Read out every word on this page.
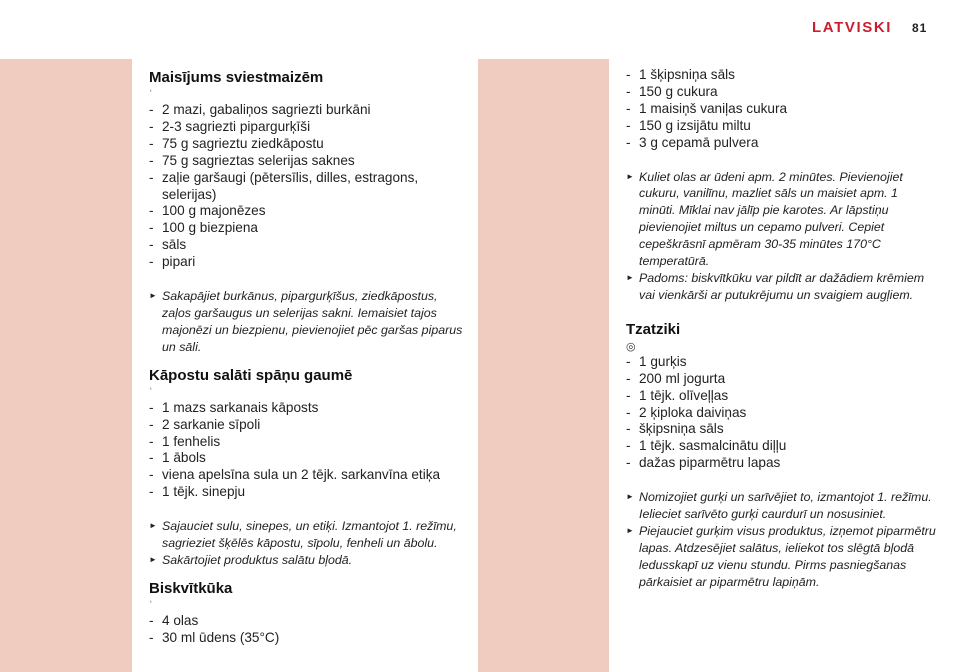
LATVISKI 81
Maisījums sviestmaizēm
ˈ
- 2 mazi, gabaliņos sagriezti burkāni
- 2-3 sagriezti pipargurķīši
- 75 g sagrieztu ziedkāpostu
- 75 g sagrieztas selerijas saknes
- zaļie garšaugi (pētersīlis, dilles, estragons, selerijas)
- 100 g majonēzes
- 100 g biezpiena
- sāls
- pipari
► Sakapājiet burkānus, pipargurķīšus, ziedkāpostus, zaļos garšaugus un selerijas sakni. Iemaisiet tajos majonēzi un biezpienu, pievienojiet pēc garšas piparus un sāli.
Kāpostu salāti spāņu gaumē
ˈ
- 1 mazs sarkanais kāposts
- 2 sarkanie sīpoli
- 1 fenhelis
- 1 ābols
- viena apelsīna sula un 2 tējk. sarkanvīna etiķa
- 1 tējk. sinepju
► Sajauciet sulu, sinepes, un etiķi. Izmantojot 1. režīmu, sagrieziet šķēlēs kāpostu, sīpolu, fenheli un ābolu.
► Sakārtojiet produktus salātu bļodā.
Biskvītkūka
ˈ
- 4 olas
- 30 ml ūdens (35°C)
- 1 šķipsniņa sāls
- 150 g cukura
- 1 maisiņš vaniļas cukura
- 150 g izsijātu miltu
- 3 g cepamā pulvera
► Kuliet olas ar ūdeni apm. 2 minūtes. Pievienojiet cukuru, vanilīnu, mazliet sāls un maisiet apm. 1 minūti. Mīklai nav jālīp pie karotes. Ar lāpstiņu pievienojiet miltus un cepamo pulveri. Cepiet cepeškrāsnī apmēram 30-35 minūtes 170°C temperatūrā.
► Padoms: biskvītkūku var pildīt ar dažādiem krēmiem vai vienkārši ar putukrējumu un svaigiem augļiem.
Tzatziki
◎
- 1 gurķis
- 200 ml jogurta
- 1 tējk. olīveļļas
- 2 ķiploka daiviņas
- šķipsniņa sāls
- 1 tējk. sasmalcinātu diļļu
- dažas piparmētru lapas
► Nomizojiet gurķi un sarīvējiet to, izmantojot 1. režīmu. Ielieciet sarīvēto gurķi caurdurī un nosusiniet.
► Piejauciet gurķim visus produktus, izņemot piparmētru lapas. Atdzesējiet salātus, ieliekot tos slēgtā bļodā ledusskapī uz vienu stundu. Pirms pasniegšanas pārkaisiet ar piparmētru lapiņām.
